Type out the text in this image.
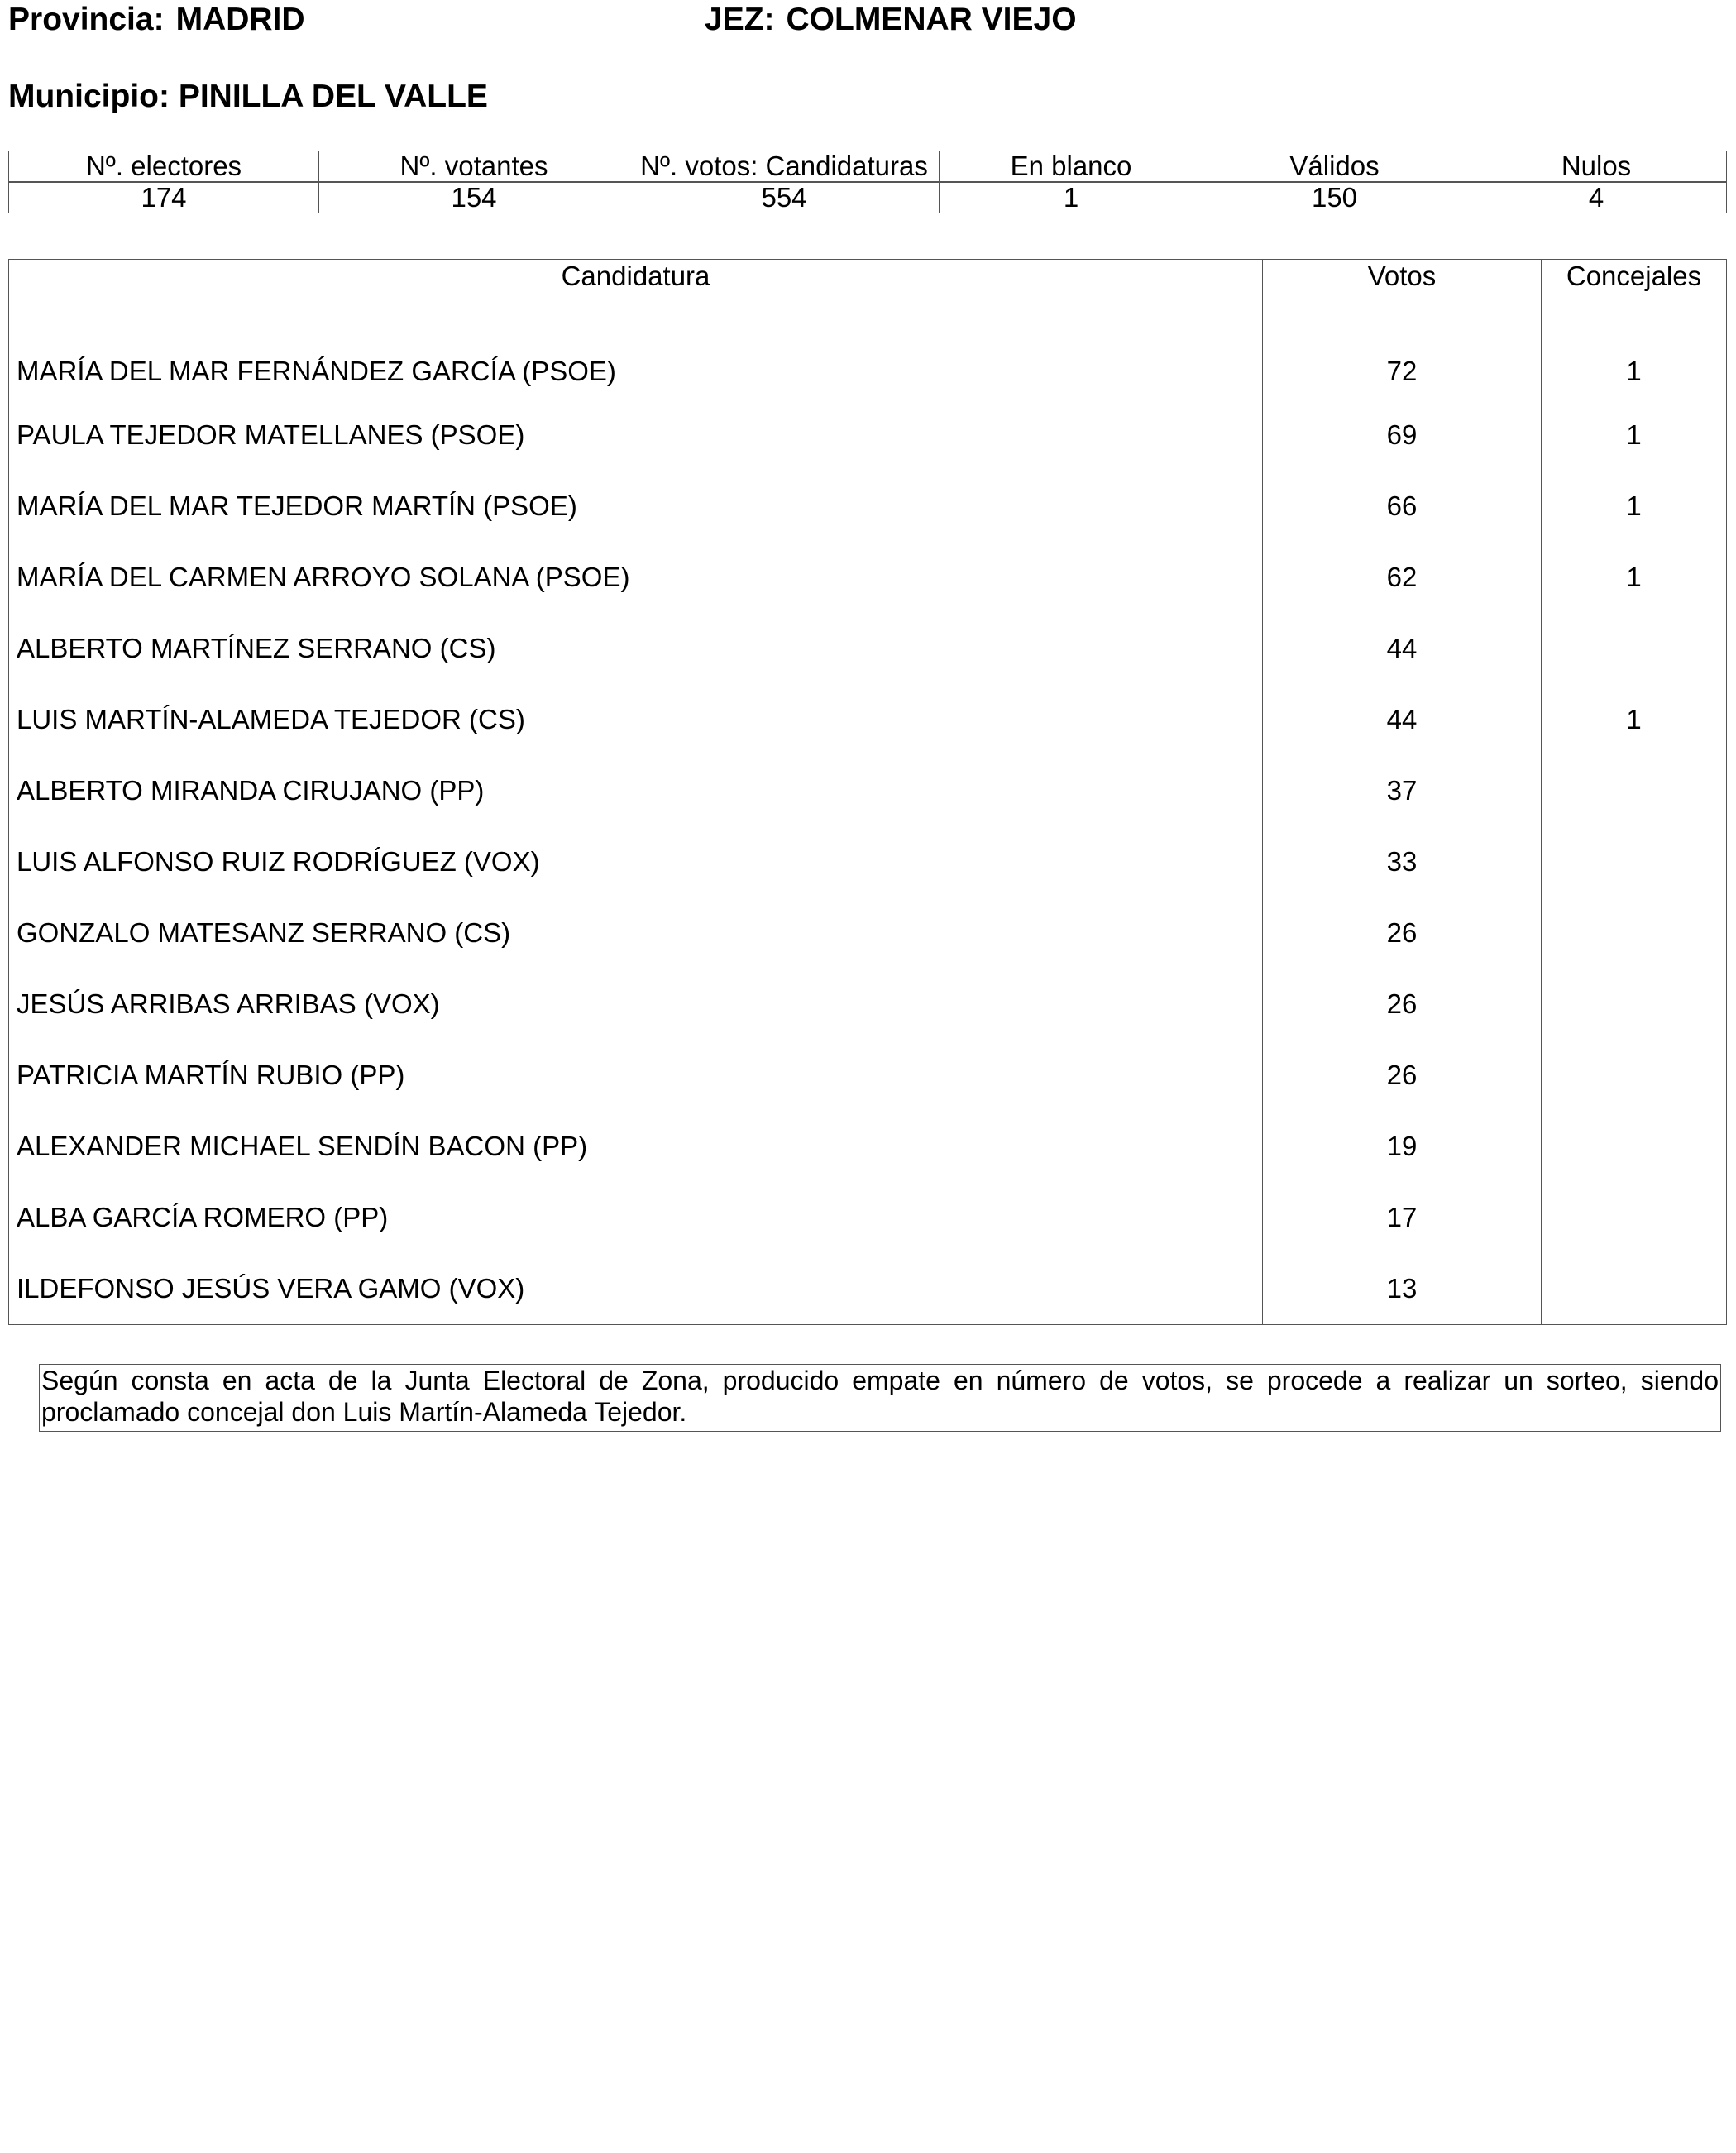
Provincia: MADRID	JEZ: COLMENAR VIEJO
Municipio: PINILLA DEL VALLE
Nº. electores	Nº. votantes	Nº. votos: Candidaturas	En blanco	Válidos	Nulos

174	154	554	1	150	4
Candidatura	Votos	Concejales
MARÍA DEL MAR FERNÁNDEZ GARCÍA (PSOE)	72	1
PAULA TEJEDOR MATELLANES (PSOE)	69	1
MARÍA DEL MAR TEJEDOR MARTÍN (PSOE)	66	1
MARÍA DEL CARMEN ARROYO SOLANA (PSOE)	62	1
ALBERTO MARTÍNEZ SERRANO (CS)	44	
LUIS MARTÍN-ALAMEDA TEJEDOR (CS)	44	1
ALBERTO MIRANDA CIRUJANO (PP)	37	
LUIS ALFONSO RUIZ RODRÍGUEZ (VOX)	33	
GONZALO MATESANZ SERRANO (CS)	26	
JESÚS ARRIBAS ARRIBAS (VOX)	26	
PATRICIA MARTÍN RUBIO (PP)	26	
ALEXANDER MICHAEL SENDÍN BACON (PP)	19	
ALBA GARCÍA ROMERO (PP)	17	
ILDEFONSO JESÚS VERA GAMO (VOX)	13	
Según consta en acta de la Junta Electoral de Zona, producido empate en número de votos, se procede a realizar un sorteo, siendo proclamado concejal don Luis Martín-Alameda Tejedor.
